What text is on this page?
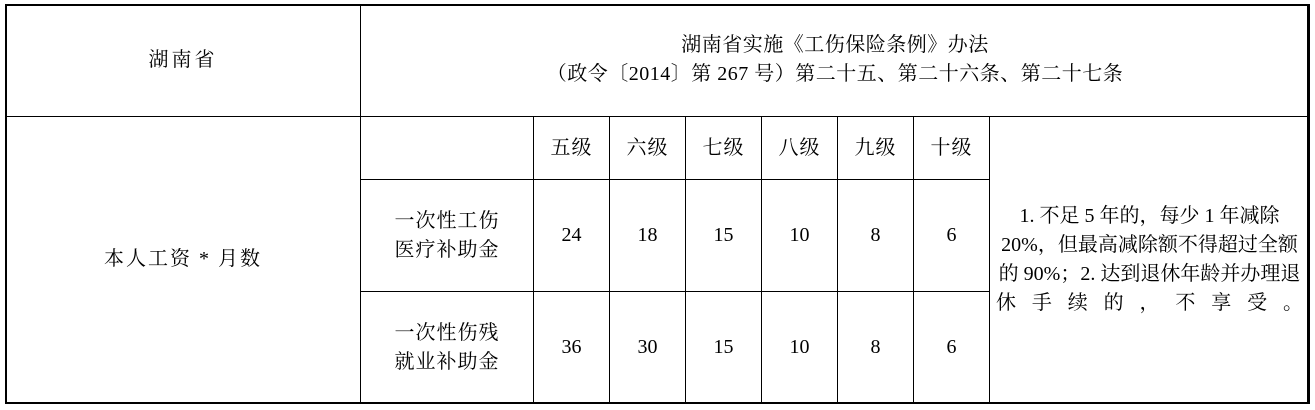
湖南省	湖南省实施《工伤保险条例》办法
（政令〔2014〕第 267 号）第二十五、第二十六条、第二十七条							

本人工资 * 月数		五级	六级	七级	八级	九级	十级	1. 不足 5 年的，每少 1 年减除 20%，但最高减除额不得超过全额的 90%；2. 达到退休年龄并办理退休手续的，不享受。

	一次性工伤
医疗补助金	24	18	15	10	8	6	

	一次性伤残
就业补助金	36	30	15	10	8	6	
